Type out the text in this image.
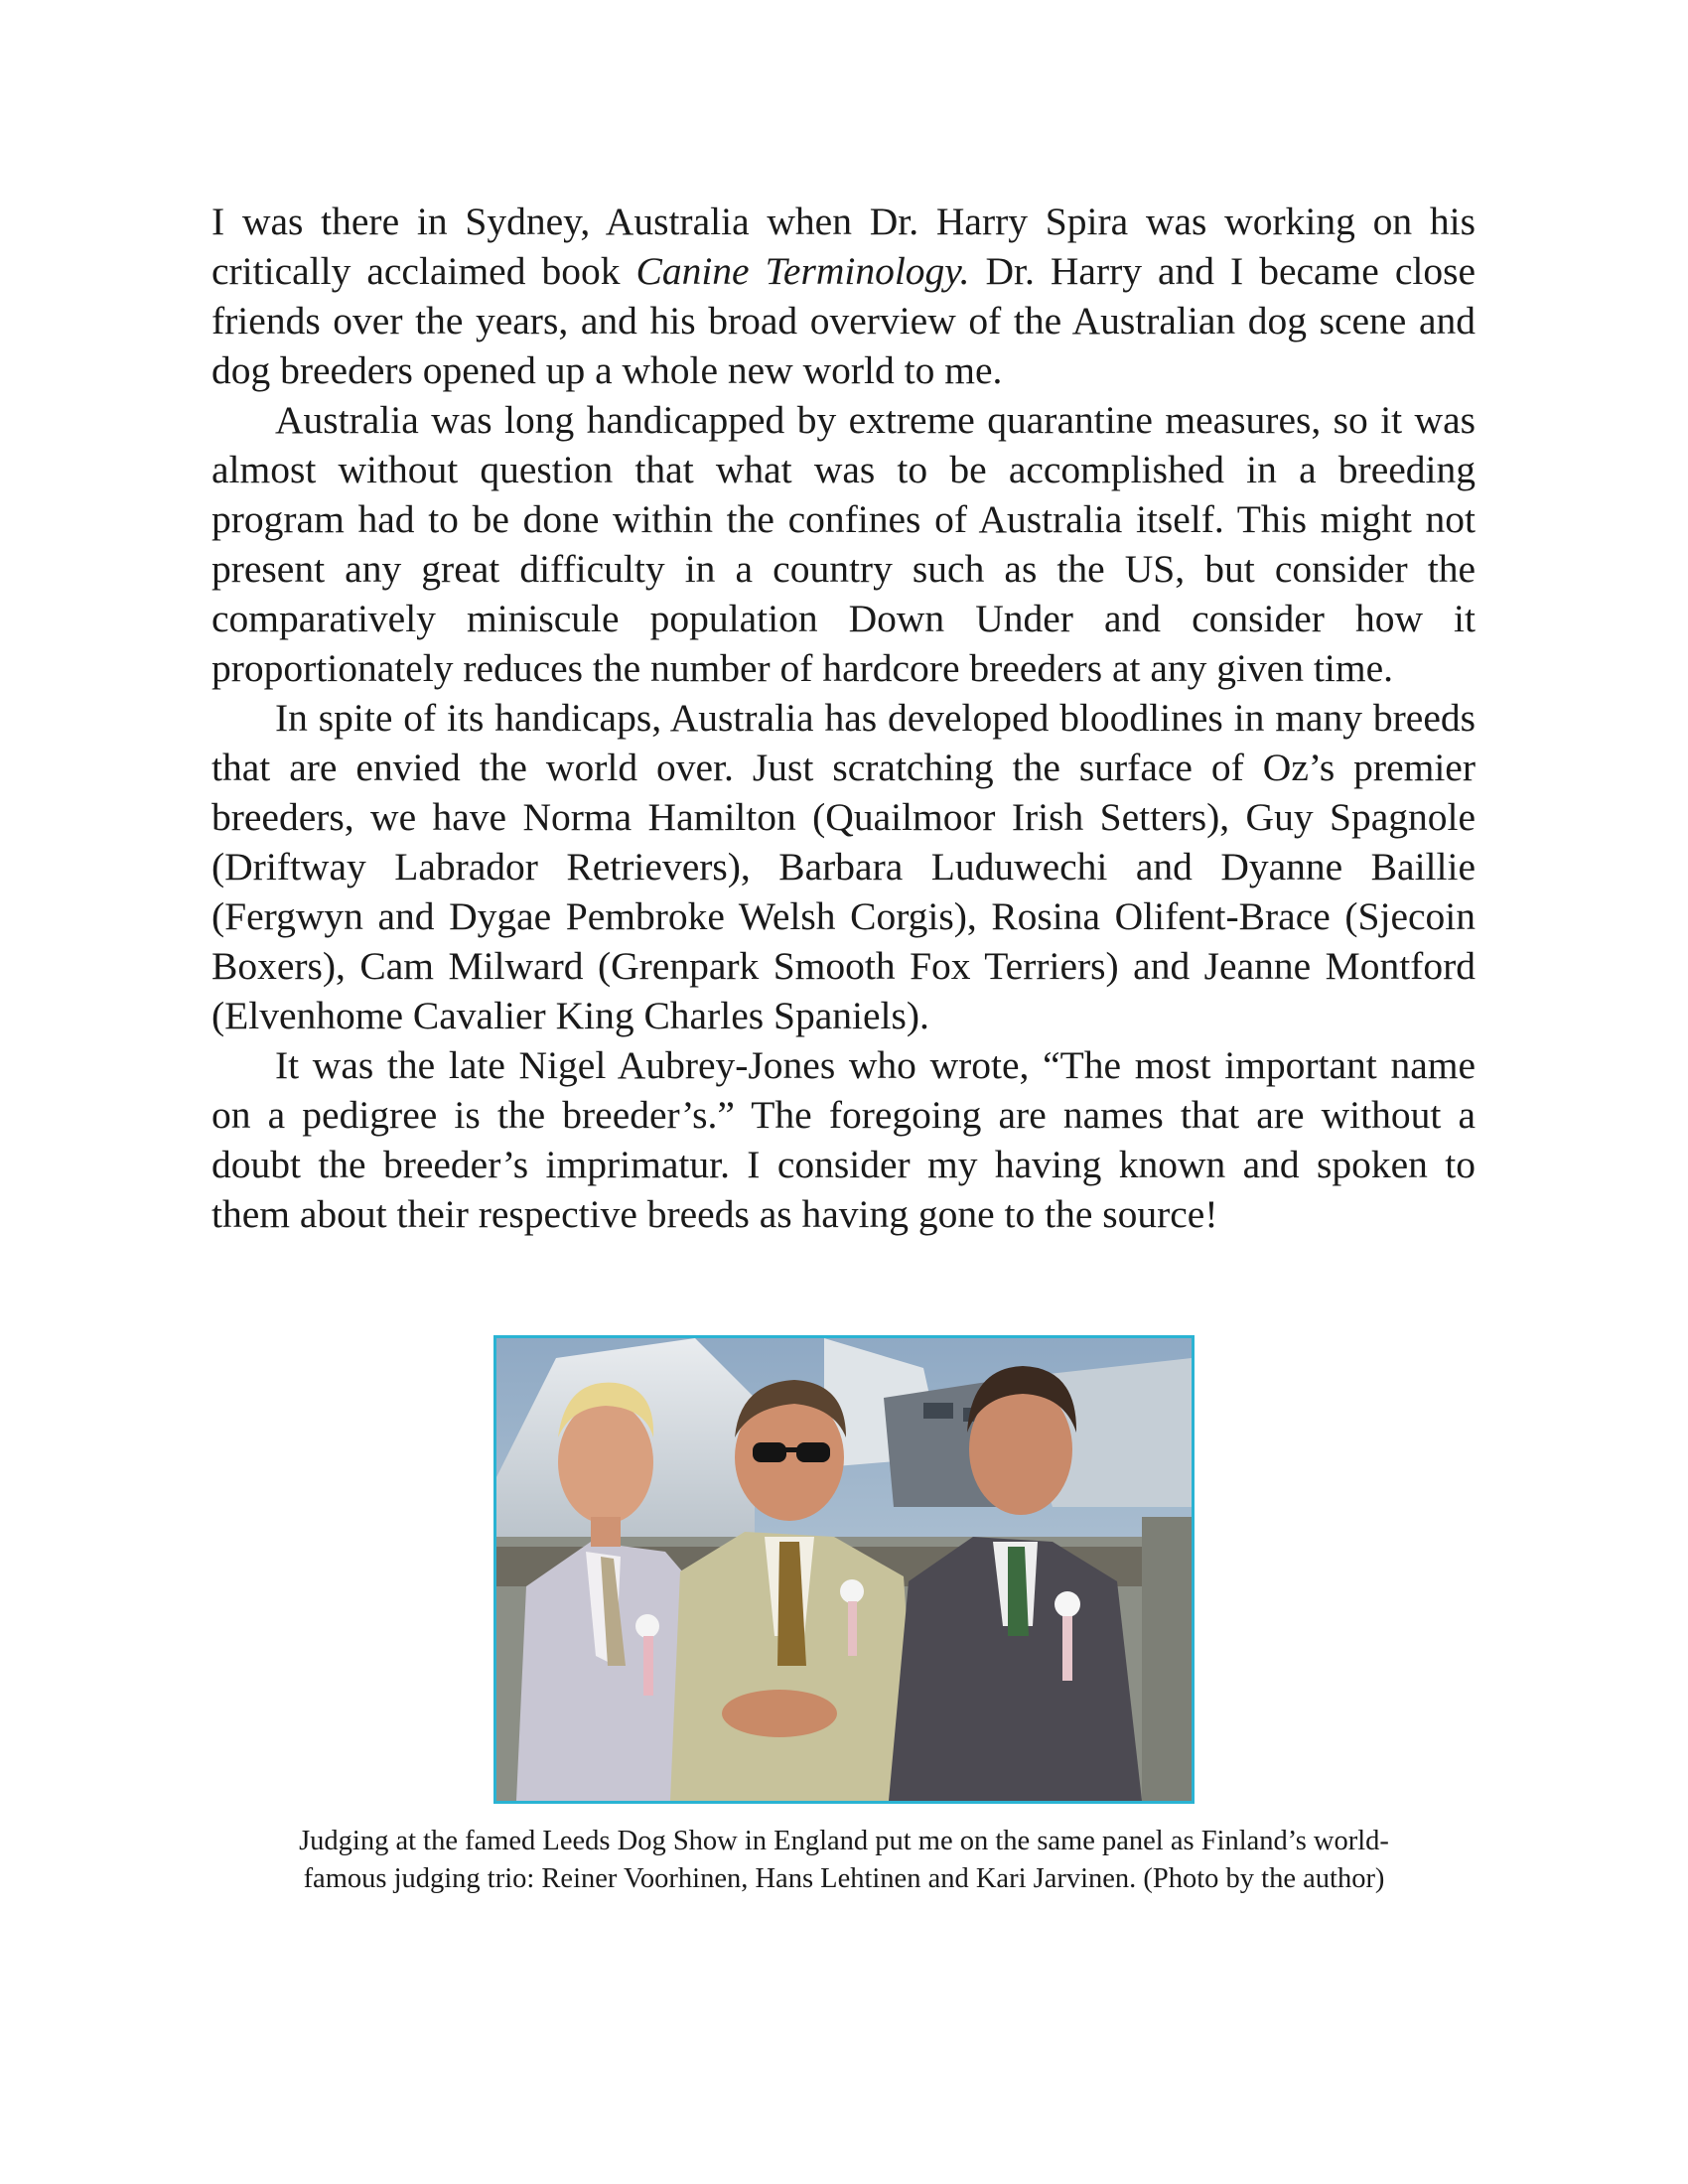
I was there in Sydney, Australia when Dr. Harry Spira was working on his critically acclaimed book Canine Terminology. Dr. Harry and I became close friends over the years, and his broad overview of the Australian dog scene and dog breeders opened up a whole new world to me.

Australia was long handicapped by extreme quarantine measures, so it was almost without question that what was to be accomplished in a breeding program had to be done within the confines of Australia itself. This might not present any great difficulty in a country such as the US, but consider the comparatively miniscule population Down Under and consider how it proportionately reduces the number of hardcore breeders at any given time.

In spite of its handicaps, Australia has developed bloodlines in many breeds that are envied the world over. Just scratching the surface of Oz’s premier breeders, we have Norma Hamilton (Quailmoor Irish Setters), Guy Spagnole (Driftway Labrador Retrievers), Barbara Luduwechi and Dyanne Baillie (Fergwyn and Dygae Pembroke Welsh Corgis), Rosina Olifent-Brace (Sjecoin Boxers), Cam Milward (Grenpark Smooth Fox Terriers) and Jeanne Montford (Elvenhome Cavalier King Charles Spaniels).

It was the late Nigel Aubrey-Jones who wrote, “The most important name on a pedigree is the breeder’s.” The foregoing are names that are without a doubt the breeder’s imprimatur. I consider my having known and spoken to them about their respective breeds as having gone to the source!

Judging at the famed Leeds Dog Show in England put me on the same panel as Finland’s world-
famous judging trio: Reiner Voorhinen, Hans Lehtinen and Kari Jarvinen. (Photo by the author)
